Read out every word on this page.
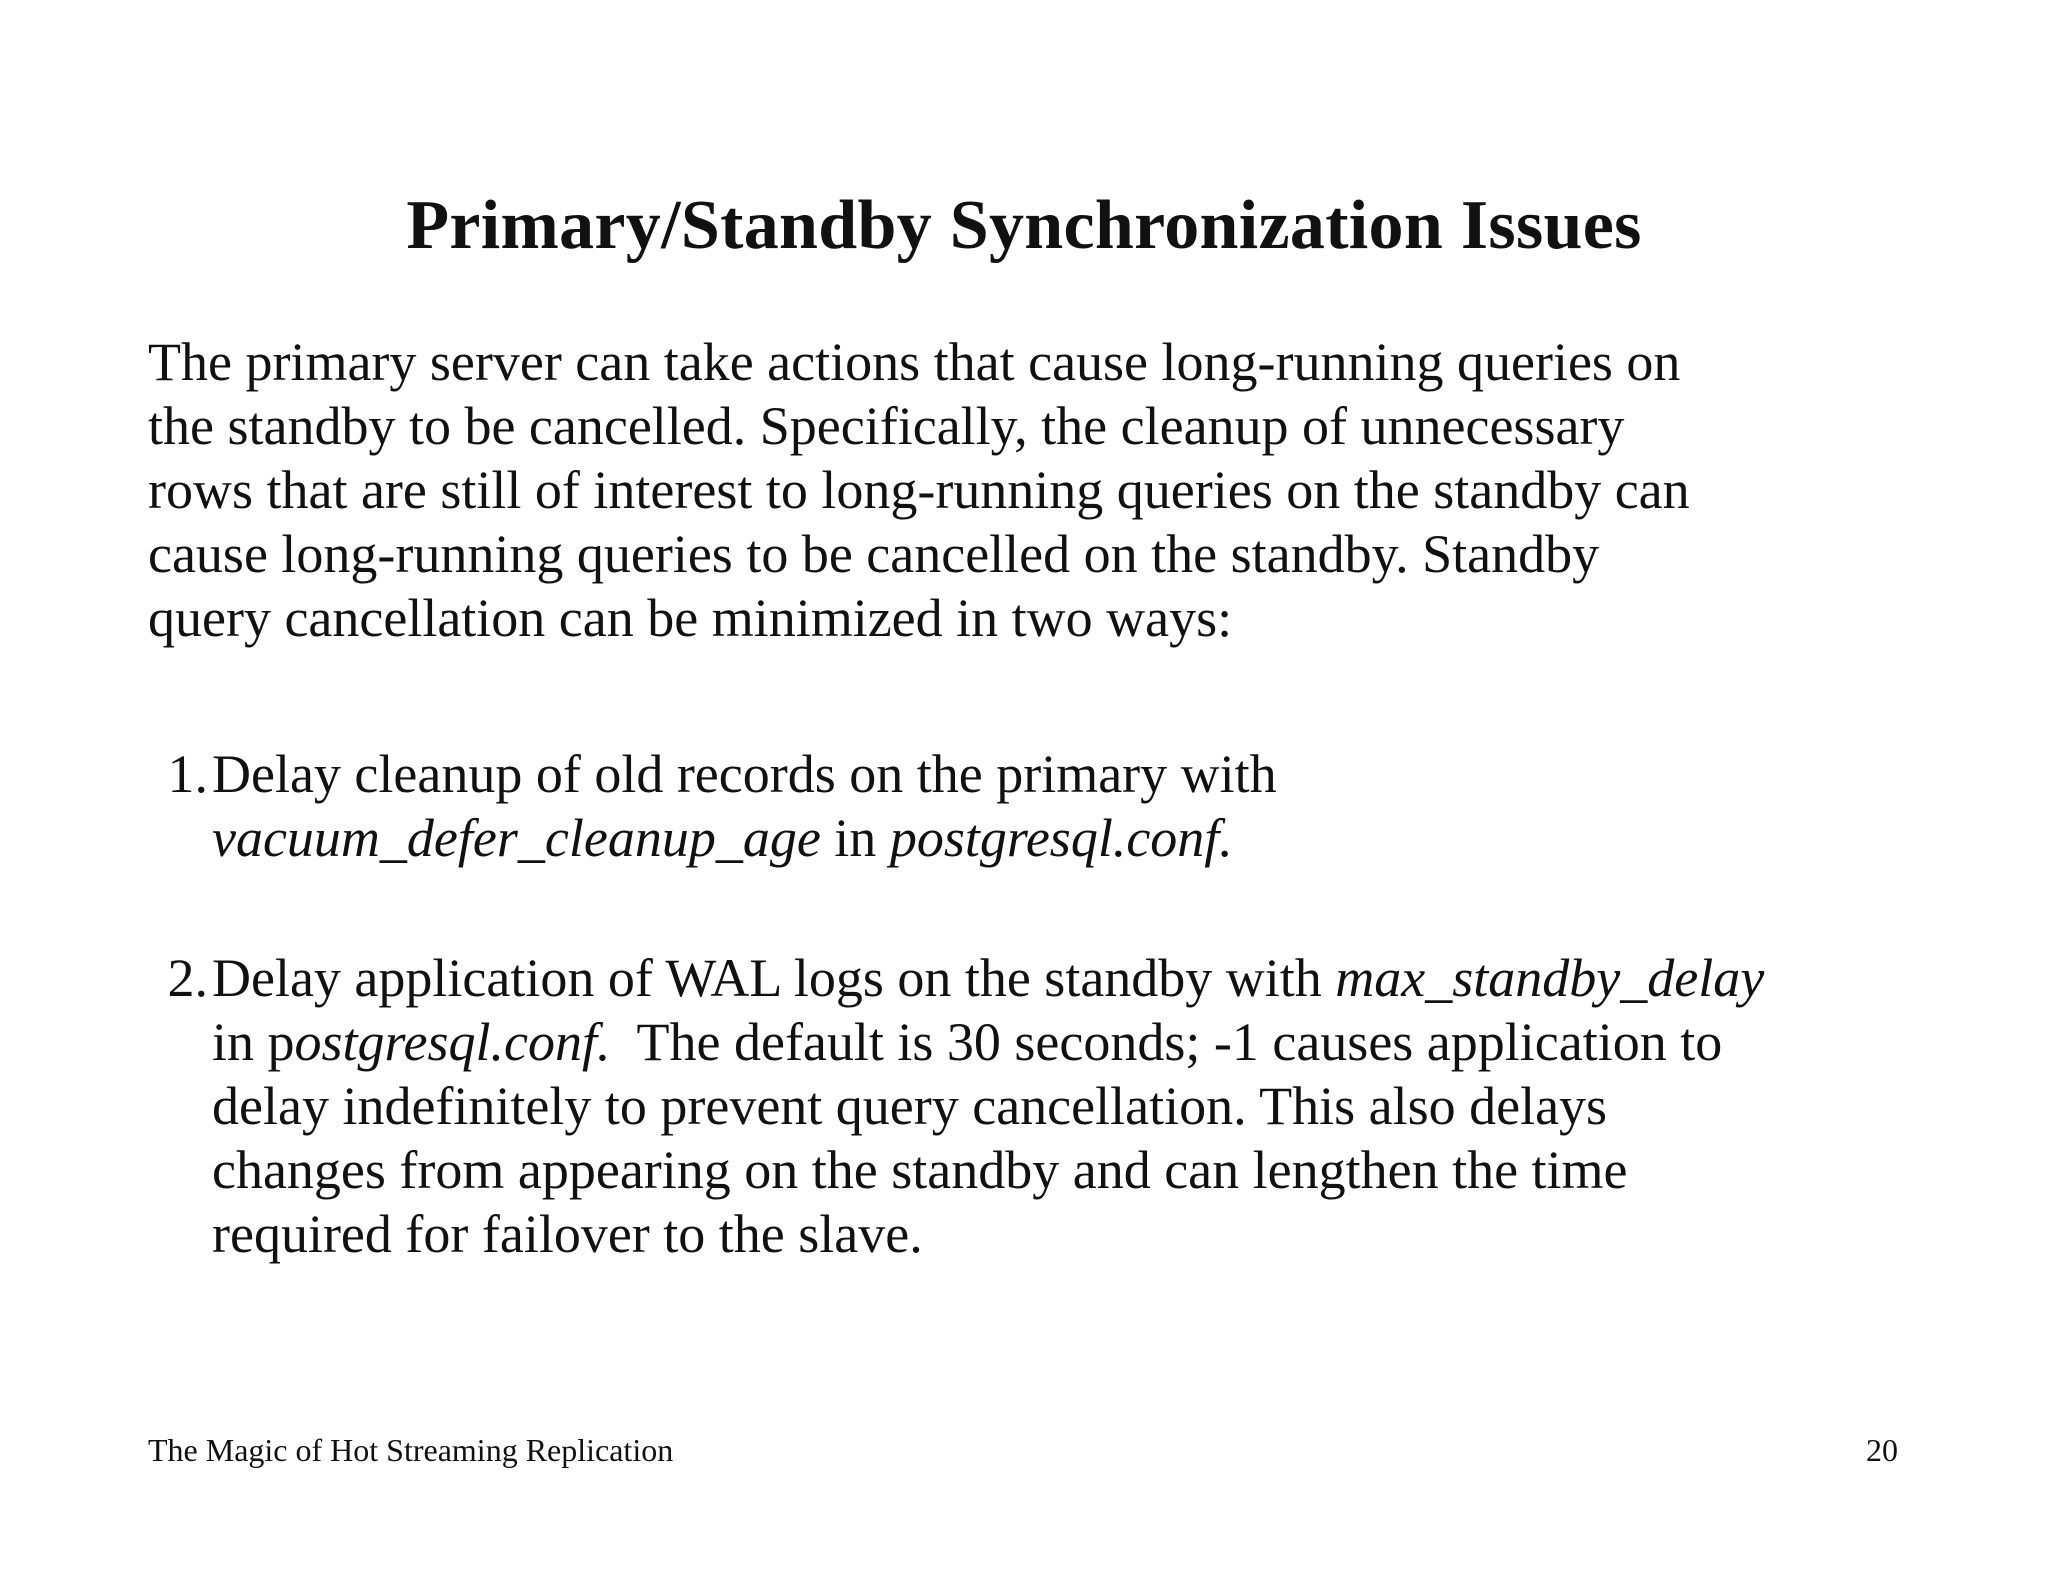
Primary/Standby Synchronization Issues

The primary server can take actions that cause long-running queries on
the standby to be cancelled. Specifically, the cleanup of unnecessary
rows that are still of interest to long-running queries on the standby can
cause long-running queries to be cancelled on the standby. Standby
query cancellation can be minimized in two ways:

1. Delay cleanup of old records on the primary with
vacuum_defer_cleanup_age in postgresql.conf.
2. Delay application of WAL logs on the standby with max_standby_delay
in postgresql.conf.  The default is 30 seconds; -1 causes application to
delay indefinitely to prevent query cancellation. This also delays
changes from appearing on the standby and can lengthen the time
required for failover to the slave.
The Magic of Hot Streaming Replication	20
